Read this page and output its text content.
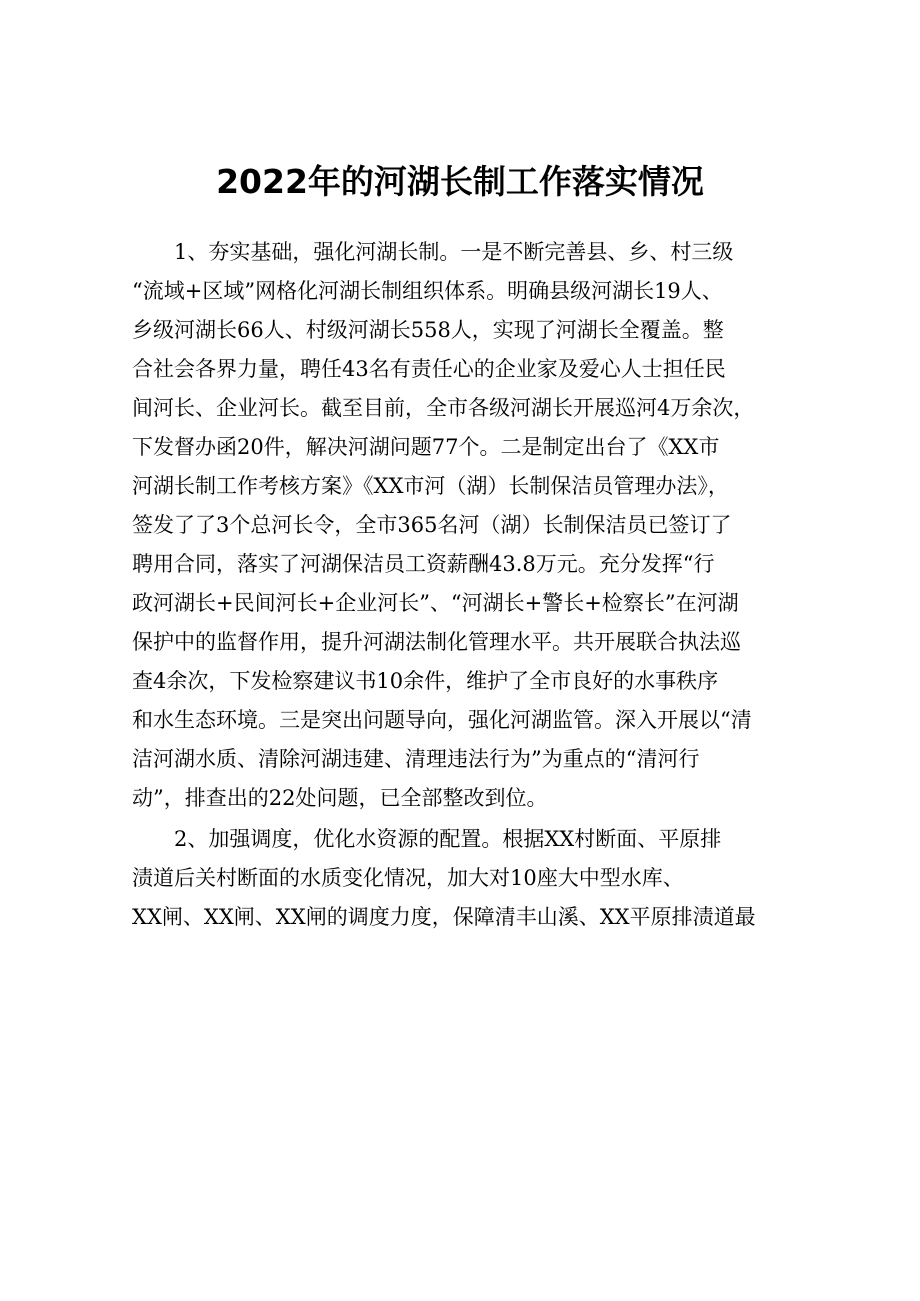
2022年的河湖长制工作落实情况

1、夯实基础，强化河湖长制。一是不断完善县、乡、村三级
“流域+区域”网格化河湖长制组织体系。明确县级河湖长19人、
乡级河湖长66人、村级河湖长558人，实现了河湖长全覆盖。整
合社会各界力量，聘任43名有责任心的企业家及爱心人士担任民
间河长、企业河长。截至目前，全市各级河湖长开展巡河4万余次，
下发督办函20件，解决河湖问题77个。二是制定出台了《XX市
河湖长制工作考核方案》《XX市河（湖）长制保洁员管理办法》，
签发了了3个总河长令，全市365名河（湖）长制保洁员已签订了
聘用合同，落实了河湖保洁员工资薪酬43.8万元。充分发挥“行
政河湖长+民间河长+企业河长”、“河湖长+警长+检察长”在河湖
保护中的监督作用，提升河湖法制化管理水平。共开展联合执法巡
查4余次，下发检察建议书10余件，维护了全市良好的水事秩序
和水生态环境。三是突出问题导向，强化河湖监管。深入开展以“清
洁河湖水质、清除河湖违建、清理违法行为”为重点的“清河行
动”，排查出的22处问题，已全部整改到位。

2、加强调度，优化水资源的配置。根据XX村断面、平原排
渍道后关村断面的水质变化情况，加大对10座大中型水库、
XX闸、XX闸、XX闸的调度力度，保障清丰山溪、XX平原排渍道最
